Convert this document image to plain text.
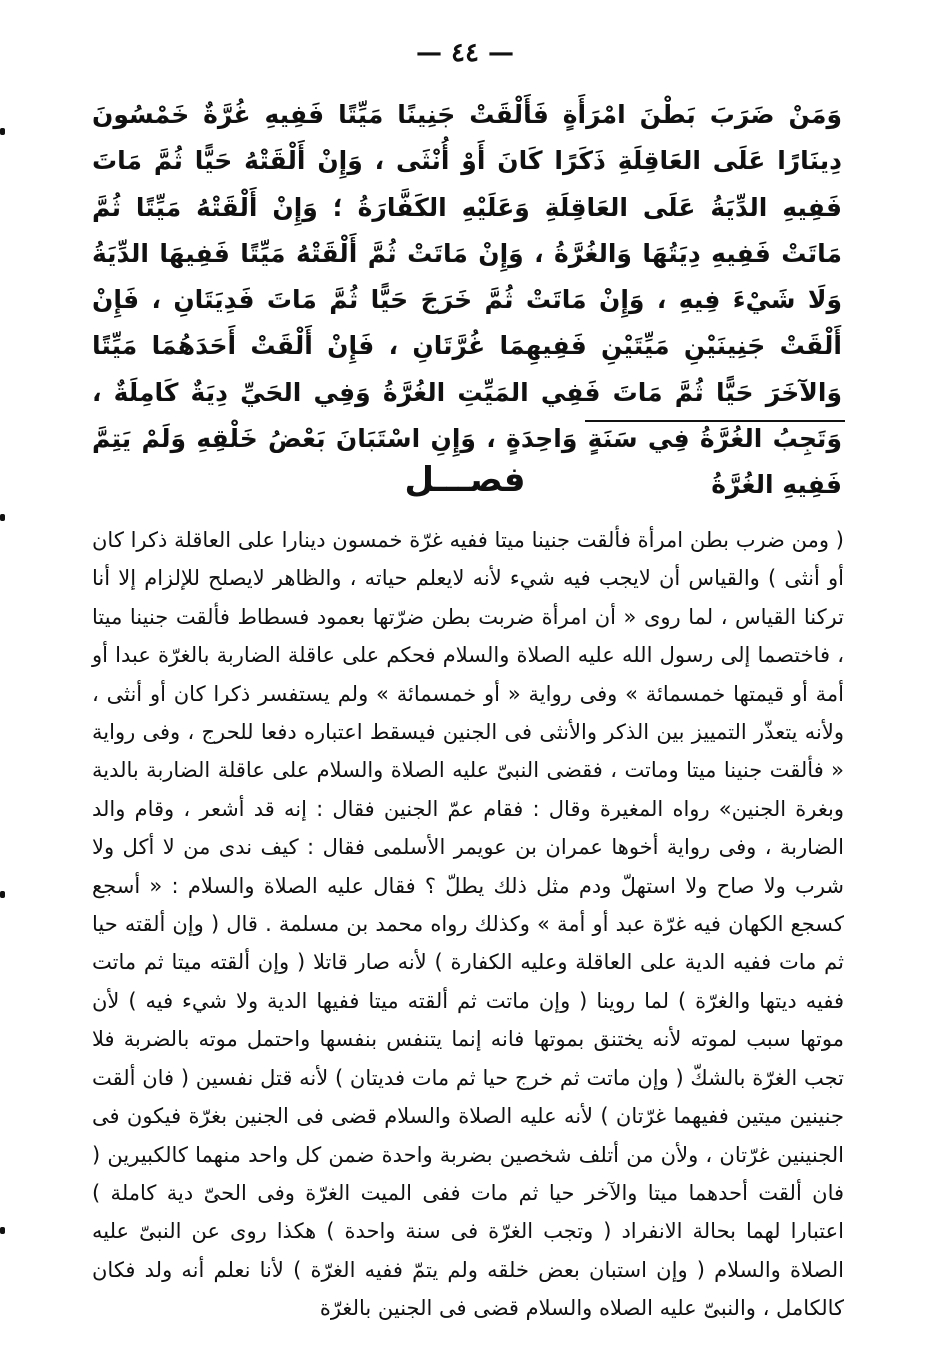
— ٤٤ —
وَمَنْ ضَرَبَ بَطْنَ امْرَأَةٍ فَأَلْقَتْ جَنِينًا مَيِّتًا فَفِيهِ غُرَّةٌ خَمْسُونَ دِينَارًا عَلَى العَاقِلَةِ ذَكَرًا كَانَ أَوْ أُنْثَى ، وَإِنْ أَلْقَتْهُ حَيًّا ثُمَّ مَاتَ فَفِيهِ الدِّيَةُ عَلَى العَاقِلَةِ وَعَلَيْهِ الكَفَّارَةُ ؛ وَإِنْ أَلْقَتْهُ مَيِّتًا ثُمَّ مَاتَتْ فَفِيهِ دِيَتُهَا وَالغُرَّةُ ، وَإِنْ مَاتَتْ ثُمَّ أَلْقَتْهُ مَيِّتًا فَفِيهَا الدِّيَةُ وَلَا شَيْءَ فِيهِ ، وَإِنْ مَاتَتْ ثُمَّ خَرَجَ حَيًّا ثُمَّ مَاتَ فَدِيَتَانِ ، فَإِنْ أَلْقَتْ جَنِينَيْنِ مَيِّتَيْنِ فَفِيهِمَا غُرَّتَانِ ، فَإِنْ أَلْقَتْ أَحَدَهُمَا مَيِّتًا وَالآخَرَ حَيًّا ثُمَّ مَاتَ فَفِي المَيِّتِ الغُرَّةُ وَفِي الحَيِّ دِيَةٌ كَامِلَةٌ ، وَتَجِبُ الغُرَّةُ فِي سَنَةٍ وَاحِدَةٍ ، وَإِنِ اسْتَبَانَ بَعْضُ خَلْقِهِ وَلَمْ يَتِمَّ فَفِيهِ الغُرَّةُ
فصـــل

( ومن ضرب بطن امرأة فألقت جنينا ميتا ففيه غرّة خمسون دينارا على العاقلة ذكرا كان أو أنثى ) والقياس أن لايجب فيه شيء لأنه لايعلم حياته ، والظاهر لايصلح للإلزام إلا أنا تركنا القياس ، لما روى « أن امرأة ضربت بطن ضرّتها بعمود فسطاط فألقت جنينا ميتا ، فاختصما إلى رسول الله عليه الصلاة والسلام فحكم على عاقلة الضاربة بالغرّة عبدا أو أمة أو قيمتها خمسمائة » وفى رواية « أو خمسمائة » ولم يستفسر ذكرا كان أو أنثى ، ولأنه يتعذّر التمييز بين الذكر والأنثى فى الجنين فيسقط اعتباره دفعا للحرج ، وفى رواية « فألقت جنينا ميتا وماتت ، فقضى النبىّ عليه الصلاة والسلام على عاقلة الضاربة بالدية وبغرة الجنين» رواه المغيرة وقال : فقام عمّ الجنين فقال : إنه قد أشعر ، وقام والد الضاربة ، وفى رواية أخوها عمران بن عويمر الأسلمى فقال : كيف ندى من لا أكل ولا شرب ولا صاح ولا استهلّ ودم مثل ذلك يطلّ ؟ فقال عليه الصلاة والسلام : « أسجع كسجع الكهان فيه غرّة عبد أو أمة » وكذلك رواه محمد بن مسلمة . قال ( وإن ألقته حيا ثم مات ففيه الدية على العاقلة وعليه الكفارة ) لأنه صار قاتلا ( وإن ألقته ميتا ثم ماتت ففيه ديتها والغرّة ) لما روينا ( وإن ماتت ثم ألقته ميتا ففيها الدية ولا شيء فيه ) لأن موتها سبب لموته لأنه يختنق بموتها فانه إنما يتنفس بنفسها واحتمل موته بالضربة فلا تجب الغرّة بالشكّ ( وإن ماتت ثم خرج حيا ثم مات فديتان ) لأنه قتل نفسين ( فان ألقت جنينين ميتين ففيهما غرّتان ) لأنه عليه الصلاة والسلام قضى فى الجنين بغرّة فيكون فى الجنينين غرّتان ، ولأن من أتلف شخصين بضربة واحدة ضمن كل واحد منهما كالكبيرين ( فان ألقت أحدهما ميتا والآخر حيا ثم مات ففى الميت الغرّة وفى الحىّ دية كاملة ) اعتبارا لهما بحالة الانفراد ( وتجب الغرّة فى سنة واحدة ) هكذا روى عن النبىّ عليه الصلاة والسلام ( وإن استبان بعض خلقه ولم يتمّ ففيه الغرّة ) لأنا نعلم أنه ولد فكان كالكامل ، والنبىّ عليه الصلاه والسلام قضى فى الجنين بالغرّة
